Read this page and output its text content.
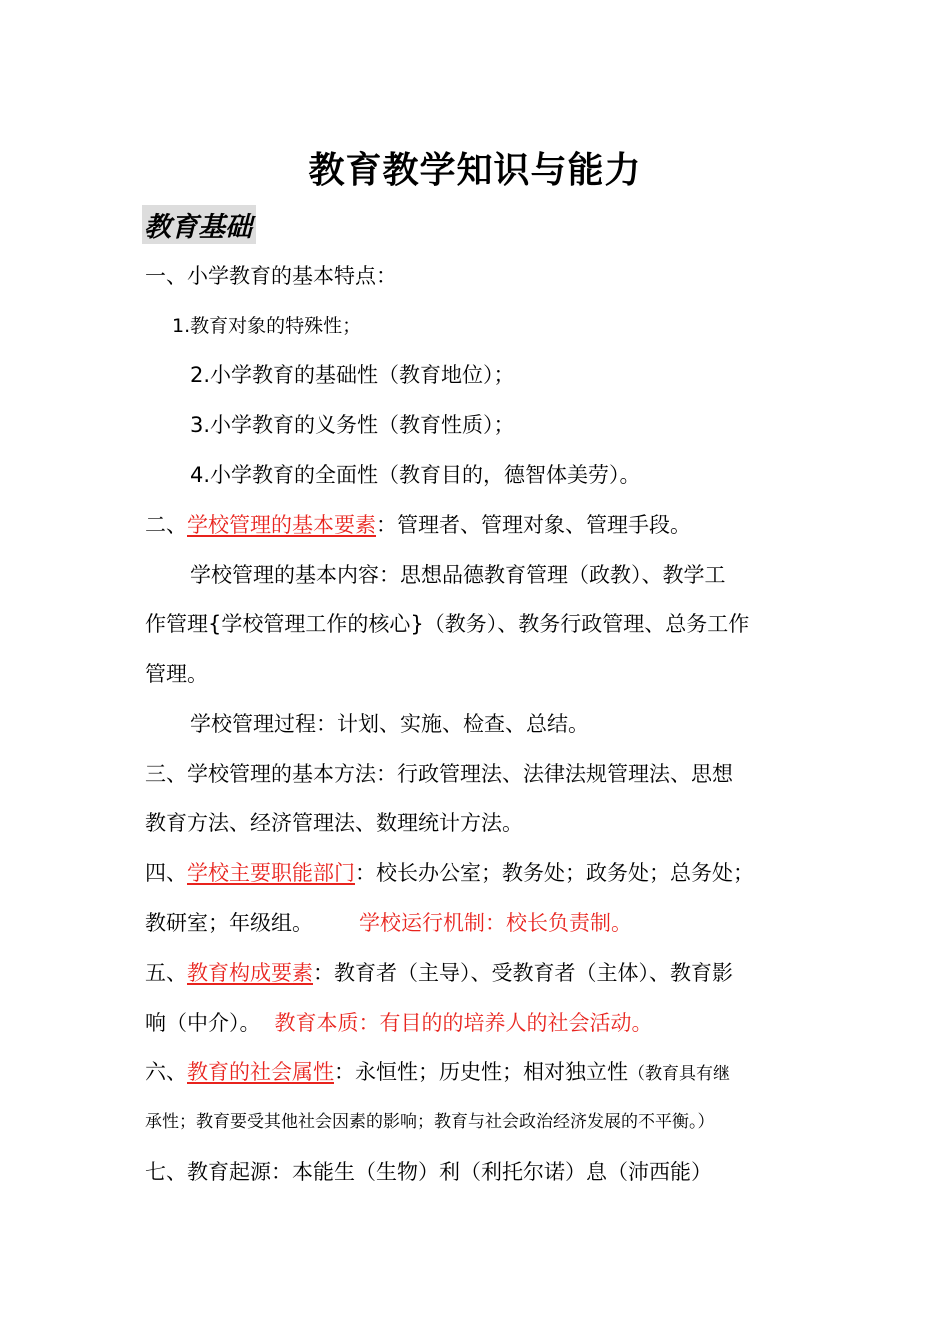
教育教学知识与能力
教育基础
一、小学教育的基本特点：
1.教育对象的特殊性；
2.小学教育的基础性（教育地位）；
3.小学教育的义务性（教育性质）；
4.小学教育的全面性（教育目的，德智体美劳）。
二、学校管理的基本要素：管理者、管理对象、管理手段。
学校管理的基本内容：思想品德教育管理（政教）、教学工
作管理{学校管理工作的核心}（教务）、教务行政管理、总务工作
管理。
学校管理过程：计划、实施、检查、总结。
三、学校管理的基本方法：行政管理法、法律法规管理法、思想
教育方法、经济管理法、数理统计方法。
四、学校主要职能部门：校长办公室；教务处；政务处；总务处；
教研室；年级组。 学校运行机制：校长负责制。
五、教育构成要素：教育者（主导）、受教育者（主体）、教育影
响（中介）。 教育本质：有目的的培养人的社会活动。
六、教育的社会属性：永恒性；历史性；相对独立性（教育具有继
承性；教育要受其他社会因素的影响；教育与社会政治经济发展的不平衡。）
七、教育起源：本能生（生物）利（利托尔诺）息（沛西能）
